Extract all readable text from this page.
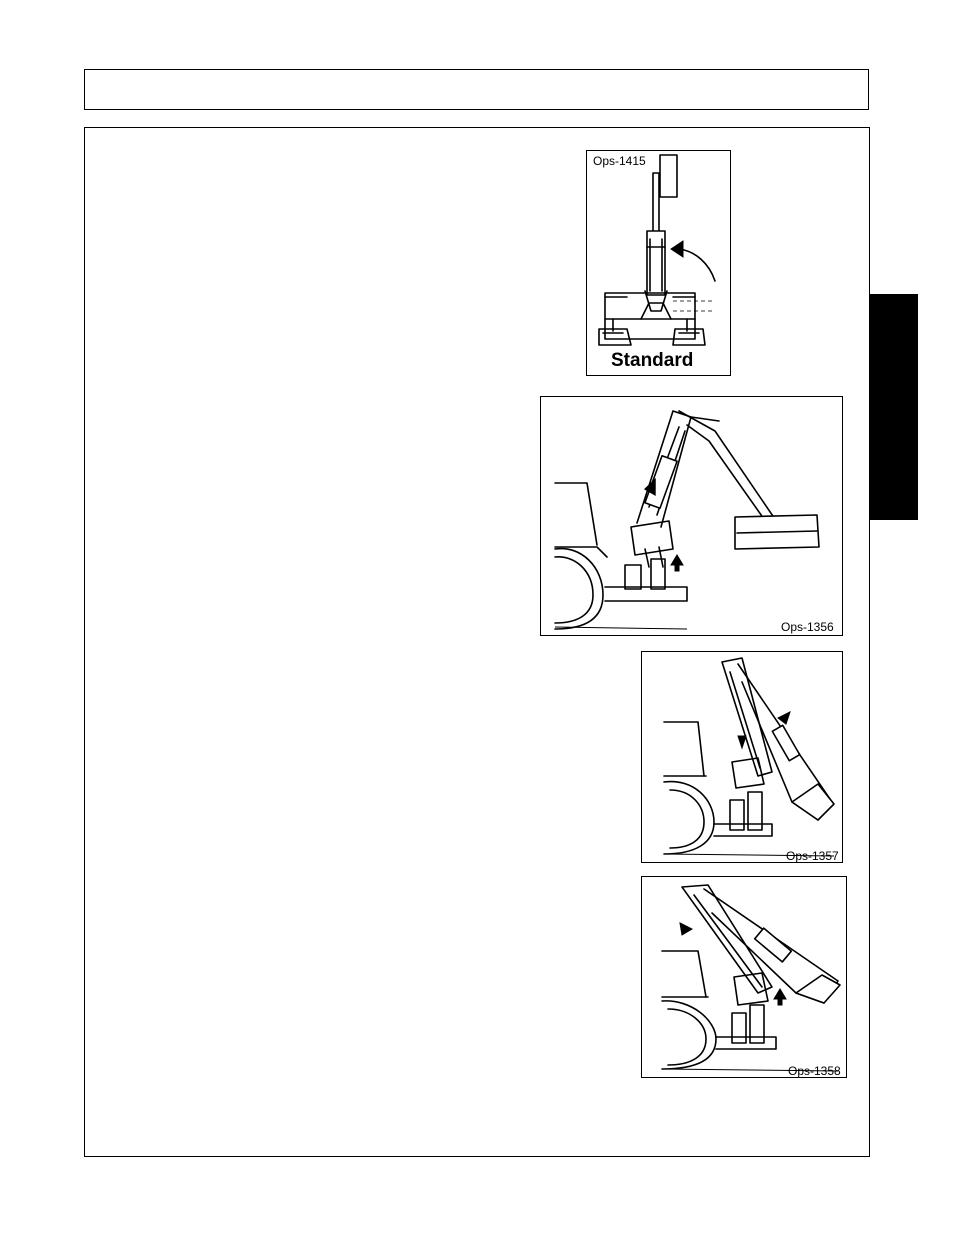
Ops-1415
Standard
Ops-1356
Ops-1357
Ops-1358
